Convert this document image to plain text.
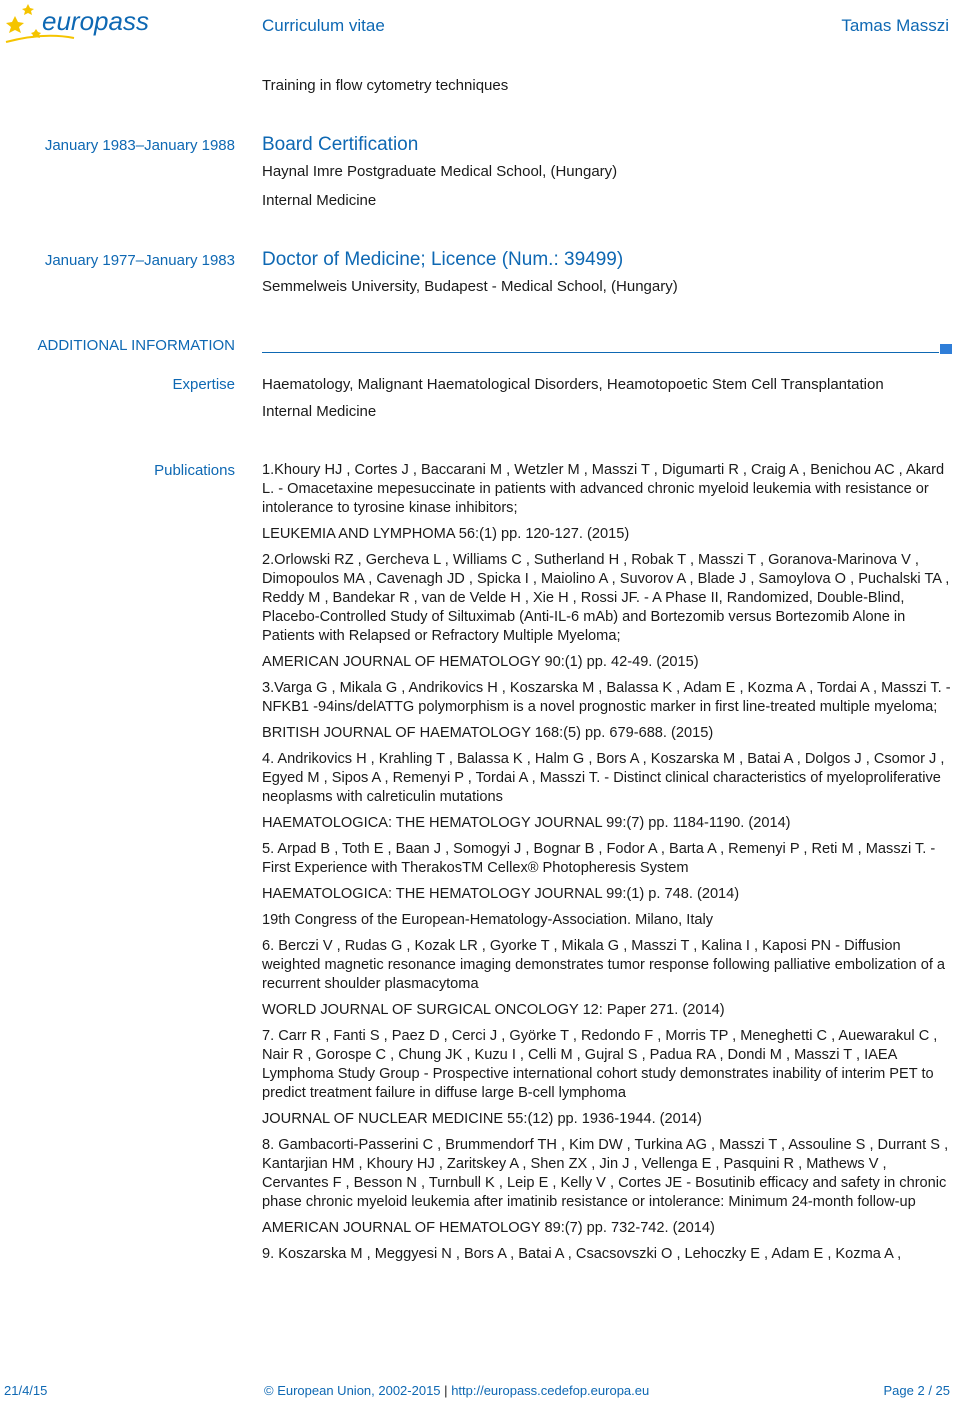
europass	Curriculum vitae	Tamas Masszi
Training in flow cytometry techniques
January 1983–January 1988 Board Certification
Haynal Imre Postgraduate Medical School, (Hungary)
Internal Medicine
January 1977–January 1983 Doctor of Medicine; Licence (Num.: 39499)
Semmelweis University, Budapest - Medical School, (Hungary)
ADDITIONAL INFORMATION
Expertise Haematology, Malignant Haematological Disorders, Heamotopoetic Stem Cell Transplantation
Internal Medicine
Publications 1.Khoury HJ , Cortes J , Baccarani M , Wetzler M , Masszi T , Digumarti R , Craig A , Benichou AC , Akard L. - Omacetaxine mepesuccinate in patients with advanced chronic myeloid leukemia with resistance or intolerance to tyrosine kinase inhibitors;
LEUKEMIA AND LYMPHOMA 56:(1) pp. 120-127. (2015)
2.Orlowski RZ , Gercheva L , Williams C , Sutherland H , Robak T , Masszi T , Goranova-Marinova V , Dimopoulos MA , Cavenagh JD , Spicka I , Maiolino A , Suvorov A , Blade J , Samoylova O , Puchalski TA , Reddy M , Bandekar R , van de Velde H , Xie H , Rossi JF. - A Phase II, Randomized, Double-Blind, Placebo-Controlled Study of Siltuximab (Anti-IL-6 mAb) and Bortezomib versus Bortezomib Alone in Patients with Relapsed or Refractory Multiple Myeloma;
AMERICAN JOURNAL OF HEMATOLOGY 90:(1) pp. 42-49. (2015)
3.Varga G , Mikala G , Andrikovics H , Koszarska M , Balassa K , Adam E , Kozma A , Tordai A , Masszi T. - NFKB1 -94ins/delATTG polymorphism is a novel prognostic marker in first line-treated multiple myeloma;
BRITISH JOURNAL OF HAEMATOLOGY 168:(5) pp. 679-688. (2015)
4. Andrikovics H , Krahling T , Balassa K , Halm G , Bors A , Koszarska M , Batai A , Dolgos J , Csomor J , Egyed M , Sipos A , Remenyi P , Tordai A , Masszi T. - Distinct clinical characteristics of myeloproliferative neoplasms with calreticulin mutations
HAEMATOLOGICA: THE HEMATOLOGY JOURNAL 99:(7) pp. 1184-1190. (2014)
5. Arpad B , Toth E , Baan J , Somogyi J , Bognar B , Fodor A , Barta A , Remenyi P , Reti M , Masszi T. - First Experience with TherakosTM Cellex® Photopheresis System
HAEMATOLOGICA: THE HEMATOLOGY JOURNAL 99:(1) p. 748. (2014)
19th Congress of the European-Hematology-Association. Milano, Italy
6. Berczi V , Rudas G , Kozak LR , Gyorke T , Mikala G , Masszi T , Kalina I , Kaposi PN - Diffusion weighted magnetic resonance imaging demonstrates tumor response following palliative embolization of a recurrent shoulder plasmacytoma
WORLD JOURNAL OF SURGICAL ONCOLOGY 12: Paper 271. (2014)
7. Carr R , Fanti S , Paez D , Cerci J , Györke T , Redondo F , Morris TP , Meneghetti C , Auewarakul C , Nair R , Gorospe C , Chung JK , Kuzu I , Celli M , Gujral S , Padua RA , Dondi M , Masszi T , IAEA Lymphoma Study Group - Prospective international cohort study demonstrates inability of interim PET to predict treatment failure in diffuse large B-cell lymphoma
JOURNAL OF NUCLEAR MEDICINE 55:(12) pp. 1936-1944. (2014)
8. Gambacorti-Passerini C , Brummendorf TH , Kim DW , Turkina AG , Masszi T , Assouline S , Durrant S , Kantarjian HM , Khoury HJ , Zaritskey A , Shen ZX , Jin J , Vellenga E , Pasquini R , Mathews V , Cervantes F , Besson N , Turnbull K , Leip E , Kelly V , Cortes JE - Bosutinib efficacy and safety in chronic phase chronic myeloid leukemia after imatinib resistance or intolerance: Minimum 24-month follow-up
AMERICAN JOURNAL OF HEMATOLOGY 89:(7) pp. 732-742. (2014)
9. Koszarska M , Meggyesi N , Bors A , Batai A , Csacsovszki O , Lehoczky E , Adam E , Kozma A ,
21/4/15	© European Union, 2002-2015 | http://europass.cedefop.europa.eu	Page 2 / 25
